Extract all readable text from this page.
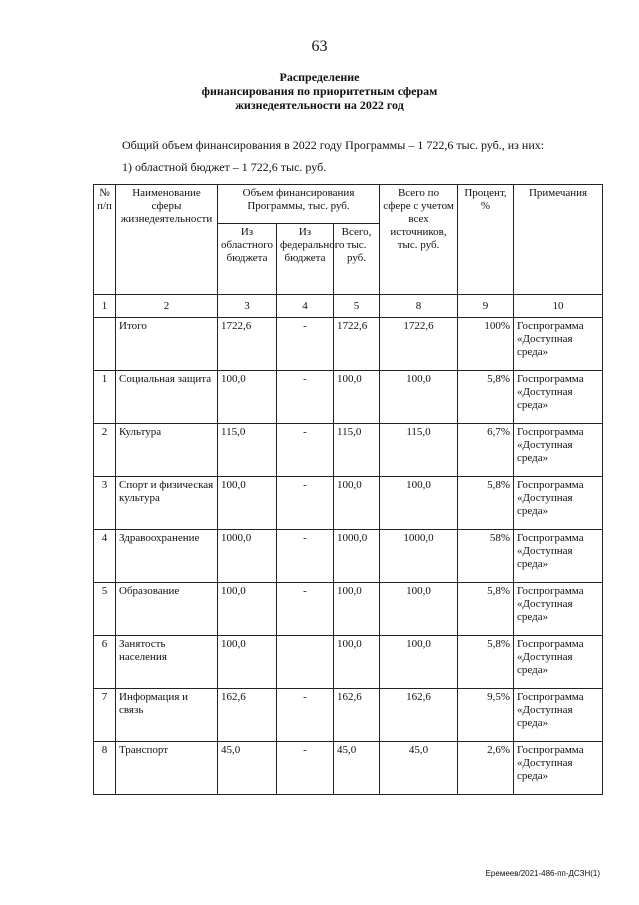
63
Распределение
финансирования по приоритетным сферам
жизнедеятельности на 2022 год
Общий объем финансирования в 2022 году Программы – 1 722,6 тыс. руб., из них:
1) областной бюджет – 1 722,6 тыс. руб.
№ п/п	Наименование сферы жизнедеятельности	Объем финансирования Программы, тыс. руб.			Всего по сфере с учетом всех источников, тыс. руб.	Процент, %	Примечания
		Из областного бюджета	Из федерального бюджета	Всего, тыс. руб.			
1	2	3	4	5	8	9	10
	Итого	1722,6	-	1722,6	1722,6	100%	Госпрограмма «Доступная среда»
1	Социальная защита	100,0	-	100,0	100,0	5,8%	Госпрограмма «Доступная среда»
2	Культура	115,0	-	115,0	115,0	6,7%	Госпрограмма «Доступная среда»
3	Спорт и физическая культура	100,0	-	100,0	100,0	5,8%	Госпрограмма «Доступная среда»
4	Здравоохранение	1000,0	-	1000,0	1000,0	58%	Госпрограмма «Доступная среда»
5	Образование	100,0	-	100,0	100,0	5,8%	Госпрограмма «Доступная среда»
6	Занятость населения	100,0		100,0	100,0	5,8%	Госпрограмма «Доступная среда»
7	Информация и связь	162,6	-	162,6	162,6	9,5%	Госпрограмма «Доступная среда»
8	Транспорт	45,0	-	45,0	45,0	2,6%	Госпрограмма «Доступная среда»
Еремеев/2021-486-пп-ДСЗН(1)
